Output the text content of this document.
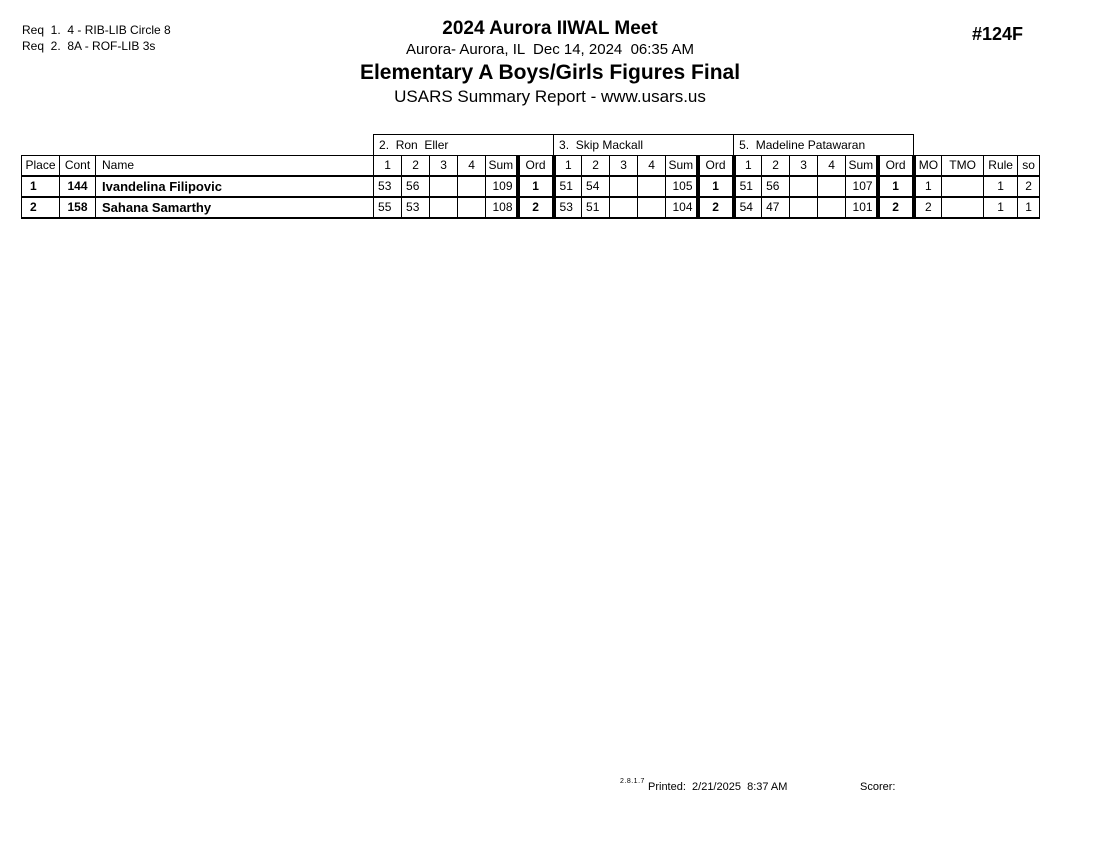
Req  1.  4 - RIB-LIB Circle 8
Req  2.  8A - ROF-LIB 3s
2024 Aurora IIWAL Meet
Aurora- Aurora, IL  Dec 14, 2024  06:35 AM
Elementary A Boys/Girls Figures Final
USARS Summary Report - www.usars.us
#124F
			2.  Ron  Eller						3.  Skip Mackall						5.  Madeline Patawaran									
Place	Cont	Name	1	2	3	4	Sum	Ord	1	2	3	4	Sum	Ord	1	2	3	4	Sum	Ord	MO	TMO	Rule	so
1	144	Ivandelina Filipovic	53	56			109	1	51	54			105	1	51	56			107	1	1		1	2
2	158	Sahana Samarthy	55	53			108	2	53	51			104	2	54	47			101	2	2		1	1
2.8.1.7 Printed:  2/21/2025  8:37 AM	Scorer:
